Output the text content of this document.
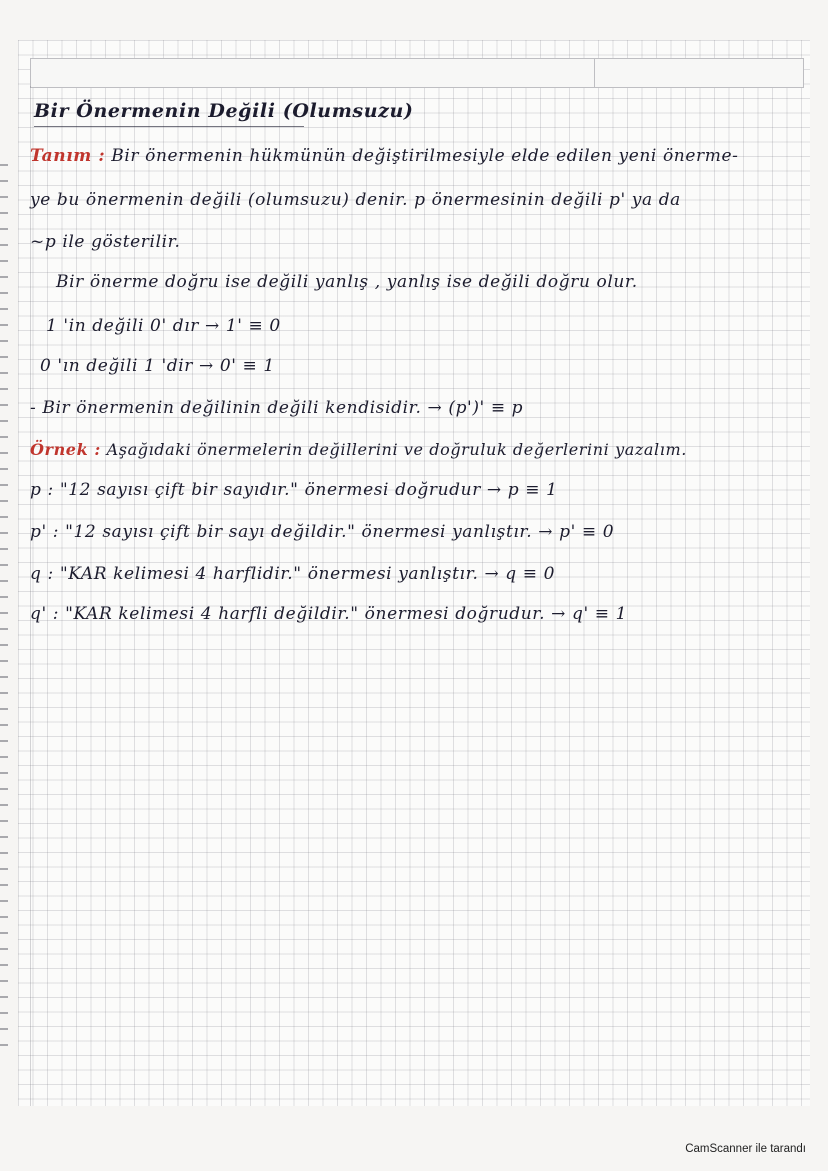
Bir Önermenin Değili (Olumsuzu)
Tanım : Bir önermenin hükmünün değiştirilmesiyle elde edilen yeni önerme-
ye bu önermenin değili (olumsuzu) denir. p önermesinin değili p' ya da
~p ile gösterilir.
Bir önerme doğru ise değili yanlış , yanlış ise değili doğru olur.
1 'in değili 0' dır → 1' ≡ 0
0 'ın değili 1 'dir → 0' ≡ 1
- Bir önermenin değilinin değili kendisidir. → (p')' ≡ p
Örnek : Aşağıdaki önermelerin değillerini ve doğruluk değerlerini yazalım.
p : "12 sayısı çift bir sayıdır." önermesi doğrudur → p ≡ 1
p' : "12 sayısı çift bir sayı değildir." önermesi yanlıştır. → p' ≡ 0
q : "KAR kelimesi 4 harflidir." önermesi yanlıştır. → q ≡ 0
q' : "KAR kelimesi 4 harfli değildir." önermesi doğrudur. → q' ≡ 1
CamScanner ile tarandı
